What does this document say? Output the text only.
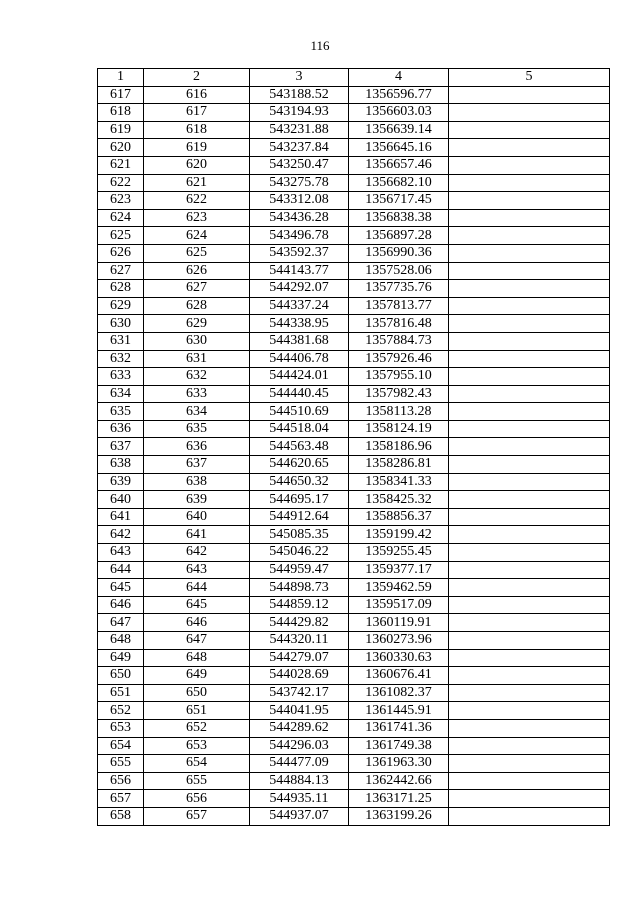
116
1	2	3	4	5
617	616	543188.52	1356596.77	
618	617	543194.93	1356603.03	
619	618	543231.88	1356639.14	
620	619	543237.84	1356645.16	
621	620	543250.47	1356657.46	
622	621	543275.78	1356682.10	
623	622	543312.08	1356717.45	
624	623	543436.28	1356838.38	
625	624	543496.78	1356897.28	
626	625	543592.37	1356990.36	
627	626	544143.77	1357528.06	
628	627	544292.07	1357735.76	
629	628	544337.24	1357813.77	
630	629	544338.95	1357816.48	
631	630	544381.68	1357884.73	
632	631	544406.78	1357926.46	
633	632	544424.01	1357955.10	
634	633	544440.45	1357982.43	
635	634	544510.69	1358113.28	
636	635	544518.04	1358124.19	
637	636	544563.48	1358186.96	
638	637	544620.65	1358286.81	
639	638	544650.32	1358341.33	
640	639	544695.17	1358425.32	
641	640	544912.64	1358856.37	
642	641	545085.35	1359199.42	
643	642	545046.22	1359255.45	
644	643	544959.47	1359377.17	
645	644	544898.73	1359462.59	
646	645	544859.12	1359517.09	
647	646	544429.82	1360119.91	
648	647	544320.11	1360273.96	
649	648	544279.07	1360330.63	
650	649	544028.69	1360676.41	
651	650	543742.17	1361082.37	
652	651	544041.95	1361445.91	
653	652	544289.62	1361741.36	
654	653	544296.03	1361749.38	
655	654	544477.09	1361963.30	
656	655	544884.13	1362442.66	
657	656	544935.11	1363171.25	
658	657	544937.07	1363199.26	
